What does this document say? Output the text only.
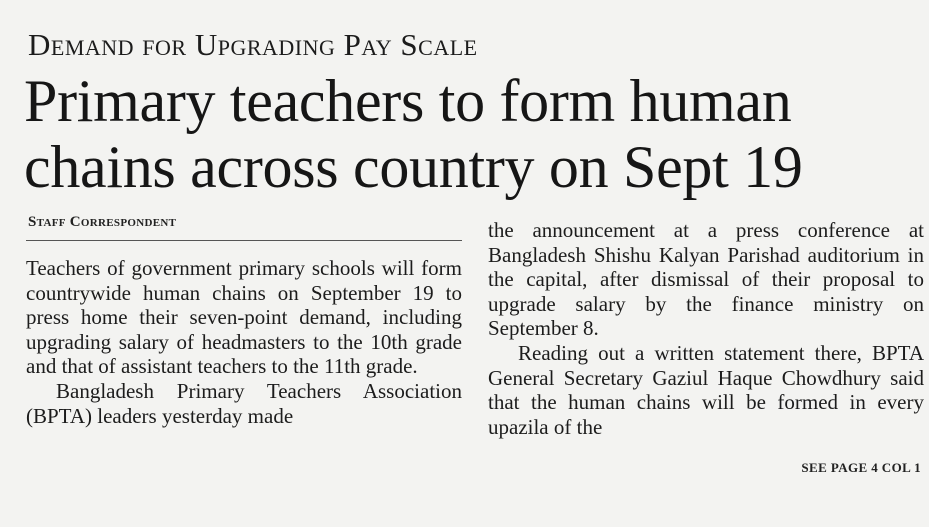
Demand for Upgrading Pay Scale
Primary teachers to form human
chains across country on Sept 19
Staff Correspondent

Teachers of government primary schools will form countrywide human chains on September 19 to press home their seven-point demand, including upgrading salary of headmasters to the 10th grade and that of assistant teachers to the 11th grade.

Bangladesh Primary Teachers Association (BPTA) leaders yesterday made

the announcement at a press conference at Bangladesh Shishu Kalyan Parishad auditorium in the capital, after dismissal of their proposal to upgrade salary by the finance ministry on September 8.

Reading out a written statement there, BPTA General Secretary Gaziul Haque Chowdhury said that the human chains will be formed in every upazila of the

SEE PAGE 4 COL 1
